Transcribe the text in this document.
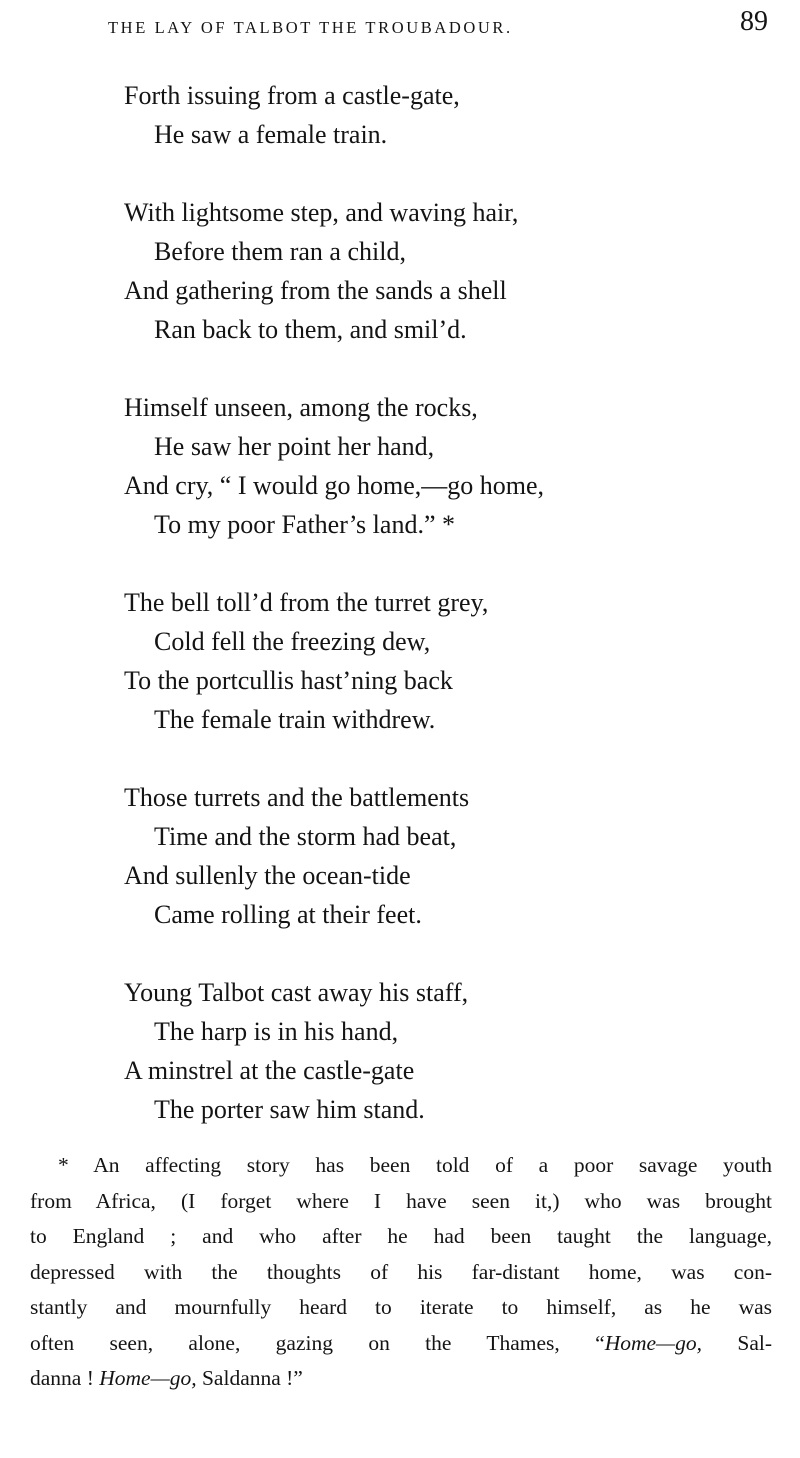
THE LAY OF TALBOT THE TROUBADOUR.	89
Forth issuing from a castle-gate,
He saw a female train.
With lightsome step, and waving hair,
Before them ran a child,
And gathering from the sands a shell
Ran back to them, and smil’d.
Himself unseen, among the rocks,
He saw her point her hand,
And cry, “ I would go home,—go home,
To my poor Father’s land.” *
The bell toll’d from the turret grey,
Cold fell the freezing dew,
To the portcullis hast’ning back
The female train withdrew.
Those turrets and the battlements
Time and the storm had beat,
And sullenly the ocean-tide
Came rolling at their feet.
Young Talbot cast away his staff,
The harp is in his hand,
A minstrel at the castle-gate
The porter saw him stand.
* An affecting story has been told of a poor savage youth
from Africa, (I forget where I have seen it,) who was brought
to England ; and who after he had been taught the language,
depressed with the thoughts of his far-distant home, was con-
stantly and mournfully heard to iterate to himself, as he was
often seen, alone, gazing on the Thames, “Home—go, Sal-
danna ! Home—go, Saldanna !”
